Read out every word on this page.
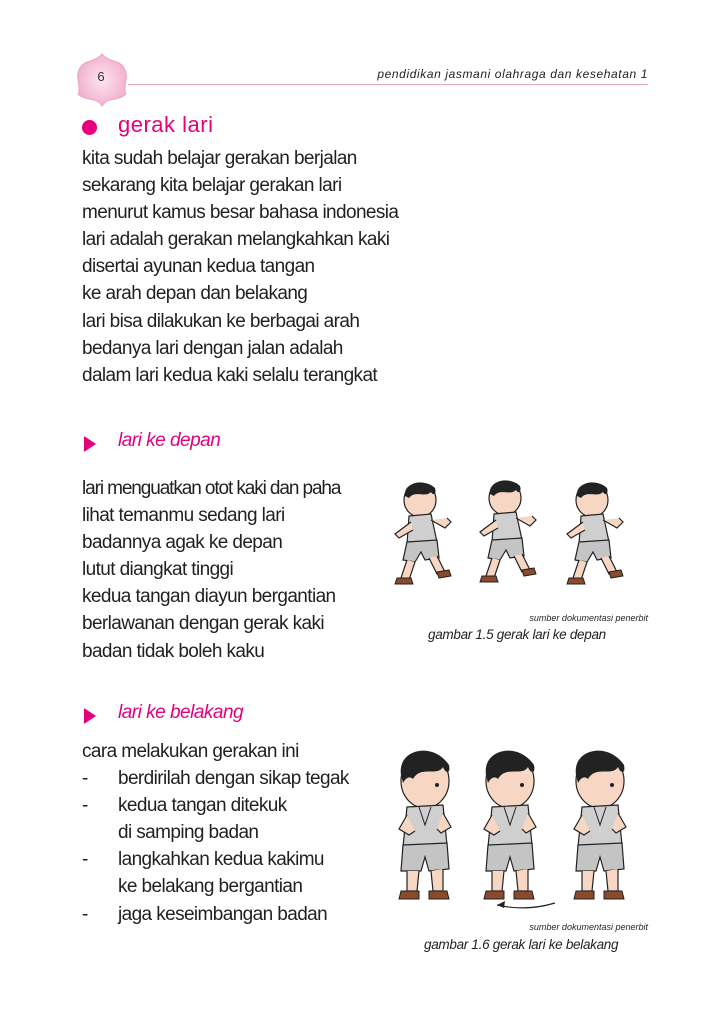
6	pendidikan jasmani olahraga dan kesehatan 1
gerak lari
kita sudah belajar gerakan berjalan
sekarang kita belajar gerakan lari
menurut kamus besar bahasa indonesia
lari adalah gerakan melangkahkan kaki
disertai ayunan kedua tangan
ke arah depan dan belakang
lari bisa dilakukan ke berbagai arah
bedanya lari dengan jalan adalah
dalam lari kedua kaki selalu terangkat
lari ke depan
lari menguatkan otot kaki dan paha
lihat temanmu sedang lari
badannya agak ke depan
lutut diangkat tinggi
kedua tangan diayun bergantian
berlawanan dengan gerak kaki
badan tidak boleh kaku
sumber dokumentasi penerbit
gambar 1.5 gerak lari ke depan
lari ke belakang
cara melakukan gerakan ini
- berdirilah dengan sikap tegak
- kedua tangan ditekuk
di samping badan
- langkahkan kedua kakimu
ke belakang bergantian
- jaga keseimbangan badan
sumber dokumentasi penerbit
gambar 1.6 gerak lari ke belakang
